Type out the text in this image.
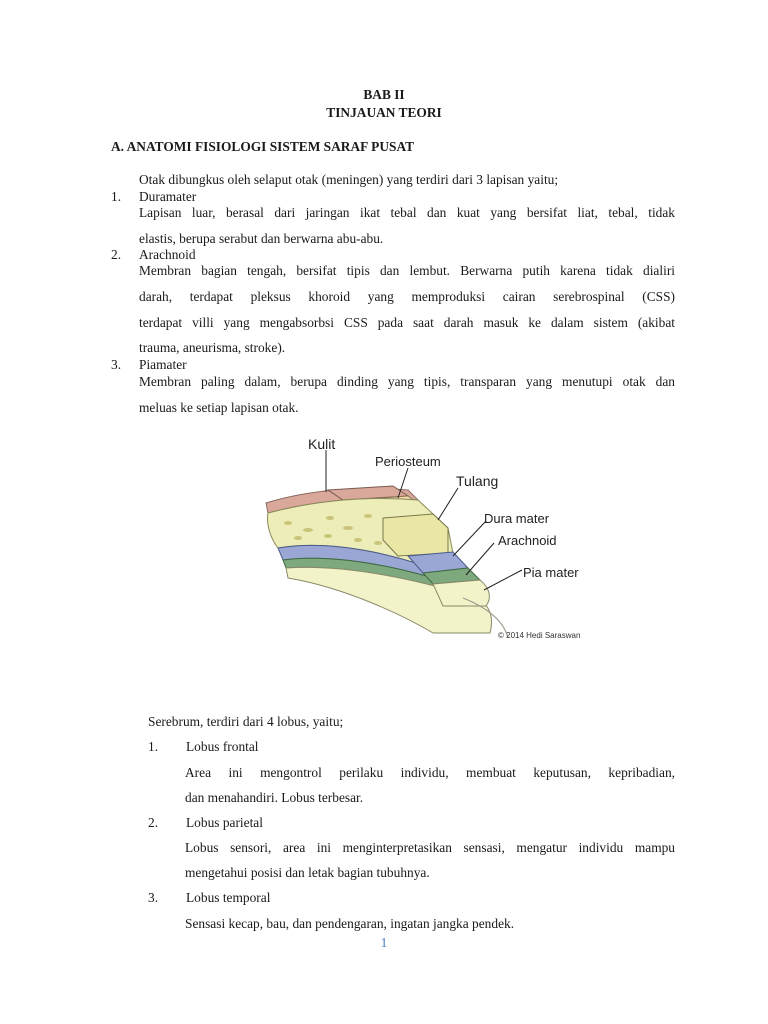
BAB II
TINJAUAN TEORI
A. ANATOMI FISIOLOGI SISTEM SARAF PUSAT
Otak dibungkus oleh selaput otak (meningen) yang terdiri dari 3 lapisan yaitu;
1. Duramater
Lapisan luar, berasal dari jaringan ikat tebal dan kuat yang bersifat liat, tebal, tidak
elastis, berupa serabut dan berwarna abu-abu.
2. Arachnoid
Membran bagian tengah, bersifat tipis dan lembut. Berwarna putih karena tidak dialiri
darah, terdapat pleksus khoroid yang memproduksi cairan serebrospinal (CSS)
terdapat villi yang mengabsorbsi CSS pada saat darah masuk ke dalam sistem (akibat
trauma, aneurisma, stroke).
3. Piamater
Membran paling dalam, berupa dinding yang tipis, transparan yang menutupi otak dan
meluas ke setiap lapisan otak.
Kulit
Periosteum
Tulang
Dura mater
Arachnoid
Pia mater
© 2014 Hedi Saraswan
Serebrum, terdiri dari 4 lobus, yaitu;
1. Lobus frontal
Area ini mengontrol perilaku individu, membuat keputusan, kepribadian,
dan menahandiri. Lobus terbesar.
2. Lobus parietal
Lobus sensori, area ini menginterpretasikan sensasi, mengatur individu mampu
mengetahui posisi dan letak bagian tubuhnya.
3. Lobus temporal
Sensasi kecap, bau, dan pendengaran, ingatan jangka pendek.
1
